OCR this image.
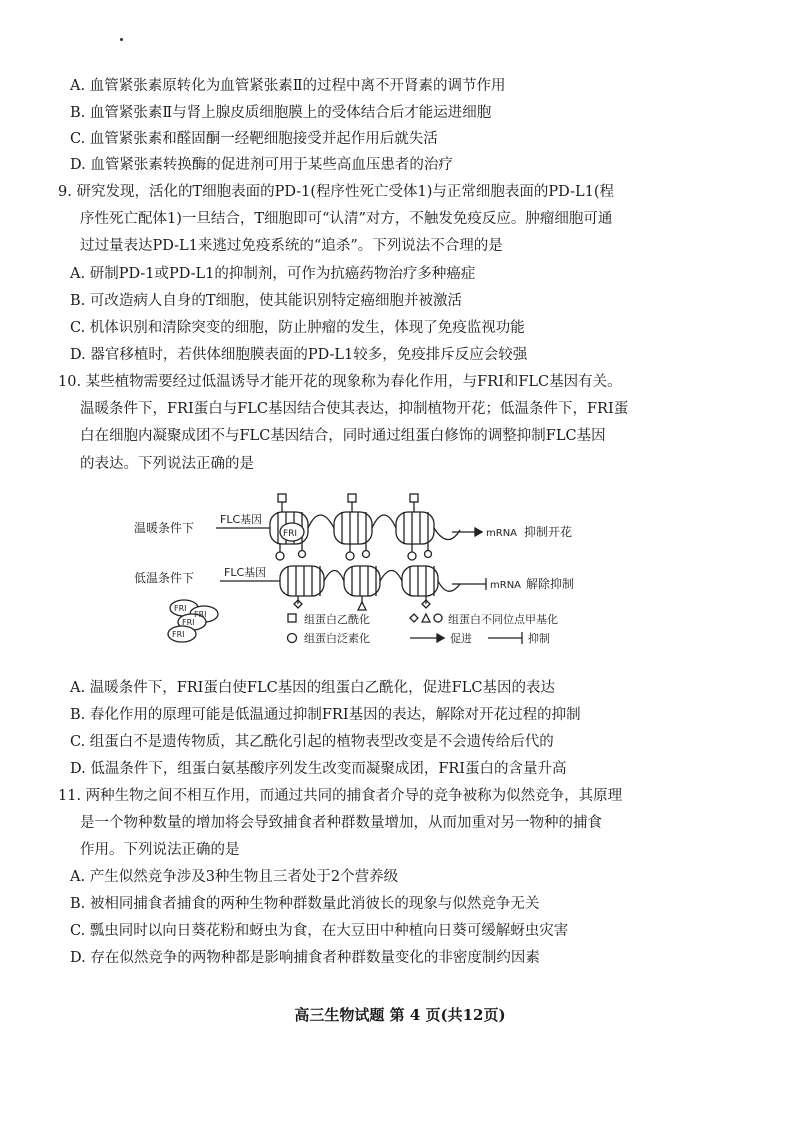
A. 血管紧张素原转化为血管紧张素Ⅱ的过程中离不开肾素的调节作用
B. 血管紧张素Ⅱ与肾上腺皮质细胞膜上的受体结合后才能运进细胞
C. 血管紧张素和醛固酮一经靶细胞接受并起作用后就失活
D. 血管紧张素转换酶的促进剂可用于某些高血压患者的治疗
9. 研究发现，活化的T细胞表面的PD-1(程序性死亡受体1)与正常细胞表面的PD-L1(程
序性死亡配体1)一旦结合，T细胞即可“认清”对方，不触发免疫反应。肿瘤细胞可通
过过量表达PD-L1来逃过免疫系统的“追杀”。下列说法不合理的是
A. 研制PD-1或PD-L1的抑制剂，可作为抗癌药物治疗多种癌症
B. 可改造病人自身的T细胞，使其能识别特定癌细胞并被激活
C. 机体识别和清除突变的细胞，防止肿瘤的发生，体现了免疫监视功能
D. 器官移植时，若供体细胞膜表面的PD-L1较多，免疫排斥反应会较强
10. 某些植物需要经过低温诱导才能开花的现象称为春化作用，与FRI和FLC基因有关。
温暖条件下，FRI蛋白与FLC基因结合使其表达，抑制植物开花；低温条件下，FRI蛋
白在细胞内凝聚成团不与FLC基因结合，同时通过组蛋白修饰的调整抑制FLC基因
的表达。下列说法正确的是
温暖条件下
FLC基因
FRI	mRNA 抑制开花
低温条件下	FLC基因
mRNA 解除抑制
FRI
FRI
FRI
FRI
组蛋白乙酰化	组蛋白不同位点甲基化
组蛋白泛素化	促进	抑制
A. 温暖条件下，FRI蛋白使FLC基因的组蛋白乙酰化，促进FLC基因的表达
B. 春化作用的原理可能是低温通过抑制FRI基因的表达，解除对开花过程的抑制
C. 组蛋白不是遗传物质，其乙酰化引起的植物表型改变是不会遗传给后代的
D. 低温条件下，组蛋白氨基酸序列发生改变而凝聚成团，FRI蛋白的含量升高
11. 两种生物之间不相互作用，而通过共同的捕食者介导的竞争被称为似然竞争，其原理
是一个物种数量的增加将会导致捕食者种群数量增加，从而加重对另一物种的捕食
作用。下列说法正确的是
A. 产生似然竞争涉及3种生物且三者处于2个营养级
B. 被相同捕食者捕食的两种生物种群数量此消彼长的现象与似然竞争无关
C. 瓢虫同时以向日葵花粉和蚜虫为食，在大豆田中种植向日葵可缓解蚜虫灾害
D. 存在似然竞争的两物种都是影响捕食者种群数量变化的非密度制约因素
高三生物试题 第 4 页(共12页)
